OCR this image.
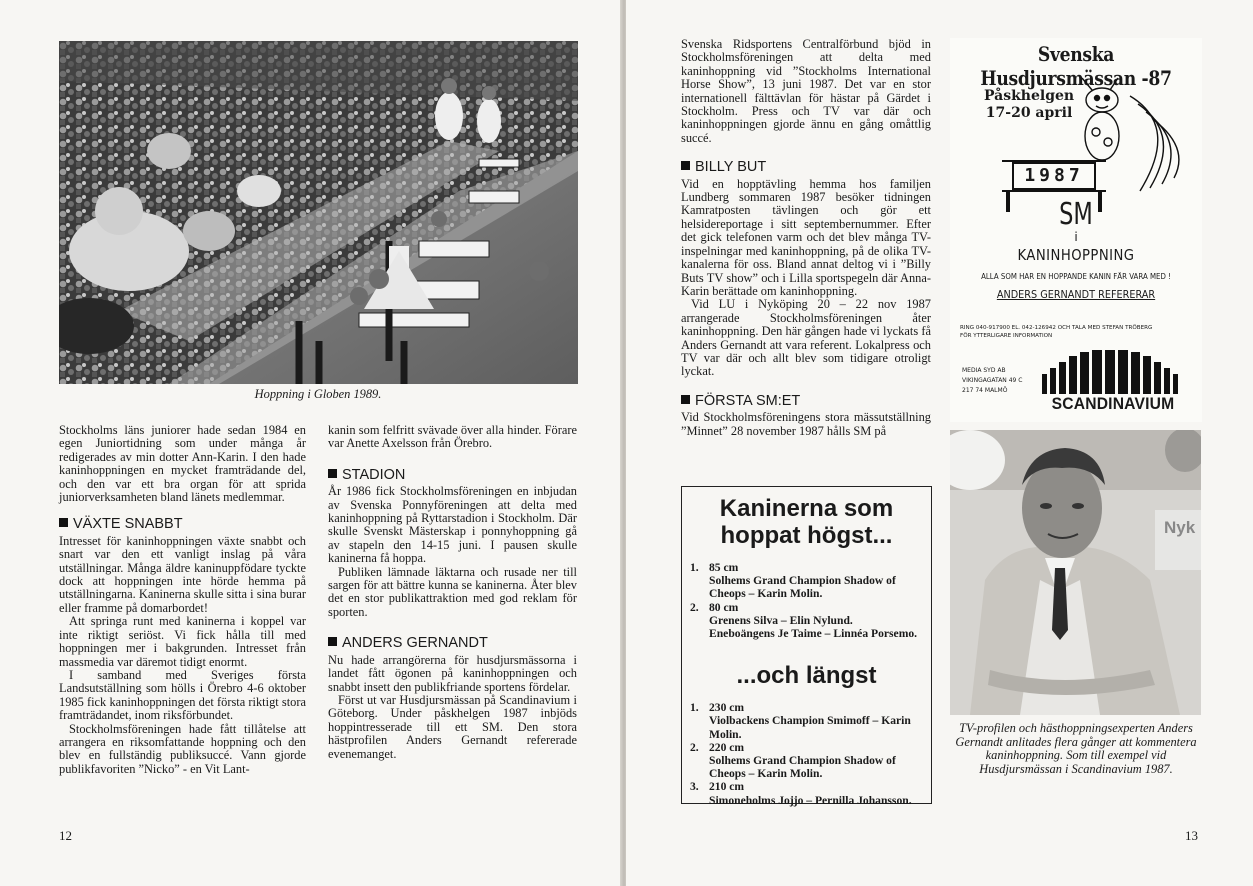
Hoppning i Globen 1989.

Stockholms läns juniorer hade sedan 1984 en egen Juniortidning som under många år redigerades av min dotter Ann-Karin. I den hade kaninhoppningen en mycket framträdande del, och den var ett bra organ för att sprida juniorverksamheten bland länets medlemmar.

VÄXTE SNABBT

Intresset för kaninhoppningen växte snabbt och snart var den ett vanligt inslag på våra utställningar. Många äldre kaninuppfödare tyckte dock att hoppningen inte hörde hemma på utställningarna. Kaninerna skulle sitta i sina burar eller framme på domarbordet!

Att springa runt med kaninerna i koppel var inte riktigt seriöst. Vi fick hålla till med hoppningen mer i bakgrunden. Intresset från massmedia var däremot tidigt enormt.

I samband med Sveriges första Landsutställning som hölls i Örebro 4-6 oktober 1985 fick kaninhoppningen det första riktigt stora framträdandet, inom riksförbundet.

Stockholmsföreningen hade fått tillåtelse att arrangera en riksomfattande hoppning och den blev en fullständig publiksuccé. Vann gjorde publikfavoriten ”Nicko” - en Vit Lant-

kanin som felfritt svävade över alla hinder. Förare var Anette Axelsson från Örebro.

STADION

År 1986 fick Stockholmsföreningen en inbjudan av Svenska Ponnyföreningen att delta med kaninhoppning på Ryttarstadion i Stockholm. Där skulle Svenskt Mästerskap i ponnyhoppning gå av stapeln den 14-15 juni. I pausen skulle kaninerna få hoppa.

Publiken lämnade läktarna och rusade ner till sargen för att bättre kunna se kaninerna. Åter blev det en stor publikattraktion med god reklam för sporten.

ANDERS GERNANDT

Nu hade arrangörerna för husdjursmässorna i landet fått ögonen på kaninhoppningen och snabbt insett den publikfriande sportens fördelar.

Först ut var Husdjursmässan på Scandinavium i Göteborg. Under påskhelgen 1987 inbjöds hoppintresserade till ett SM. Den stora hästprofilen Anders Gernandt refererade evenemanget.

12

Svenska Ridsportens Centralförbund bjöd in Stockholmsföreningen att delta med kaninhoppning vid ”Stockholms International Horse Show”, 13 juni 1987. Det var en stor internationell fälttävlan för hästar på Gärdet i Stockholm. Press och TV var där och kaninhoppningen gjorde ännu en gång omåttlig succé.

BILLY BUT

Vid en hopptävling hemma hos familjen Lundberg sommaren 1987 besöker tidningen Kamratposten tävlingen och gör ett helsidereportage i sitt septembernummer. Efter det gick telefonen varm och det blev många TV-inspelningar med kaninhoppning, på de olika TV-kanalerna för oss. Bland annat deltog vi i ”Billy Buts TV show” och i Lilla sportspegeln där Anna-Karin berättade om kaninhoppning.

Vid LU i Nyköping 20 – 22 nov 1987 arrangerade Stockholmsföreningen åter kaninhoppning. Den här gången hade vi lyckats få Anders Gernandt att vara referent. Lokalpress och TV var där och allt blev som tidigare otroligt lyckat.

FÖRSTA SM:ET

Vid Stockholmsföreningens stora mässutställning ”Minnet” 28 november 1987 hålls SM på

Kaninerna som hoppat högst...
1. 85 cm
Solhems Grand Champion Shadow of Cheops – Karin Molin.
2. 80 cm
Grenens Silva – Elin Nylund.
Eneboängens Je Taime – Linnéa Porsemo.
...och längst
1. 230 cm
Violbackens Champion Smimoff – Karin Molin.
2. 220 cm
Solhems Grand Champion Shadow of Cheops – Karin Molin.
3. 210 cm
Simoneholms Jojjo – Pernilla Johansson.
Svenska Husdjursmässan -87
Påskhelgen
17-20 april
1987
SM
i
KANINHOPPNING
ALLA SOM HAR EN HOPPANDE KANIN FÅR VARA MED !
ANDERS GERNANDT REFERERAR
RING 040-917900 EL. 042-126942 OCH TALA MED STEFAN TRÖBERG
FÖR YTTERLIGARE INFORMATION
MEDIA SYD AB
VIKINGAGATAN 49 C
217 74 MALMÖ
SCANDINAVIUM
Nyk
TV-profilen och hästhoppningsexperten Anders Gernandt anlitades flera gånger att kommentera kaninhoppning. Som till exempel vid Husdjursmässan i Scandinavium 1987.
13
